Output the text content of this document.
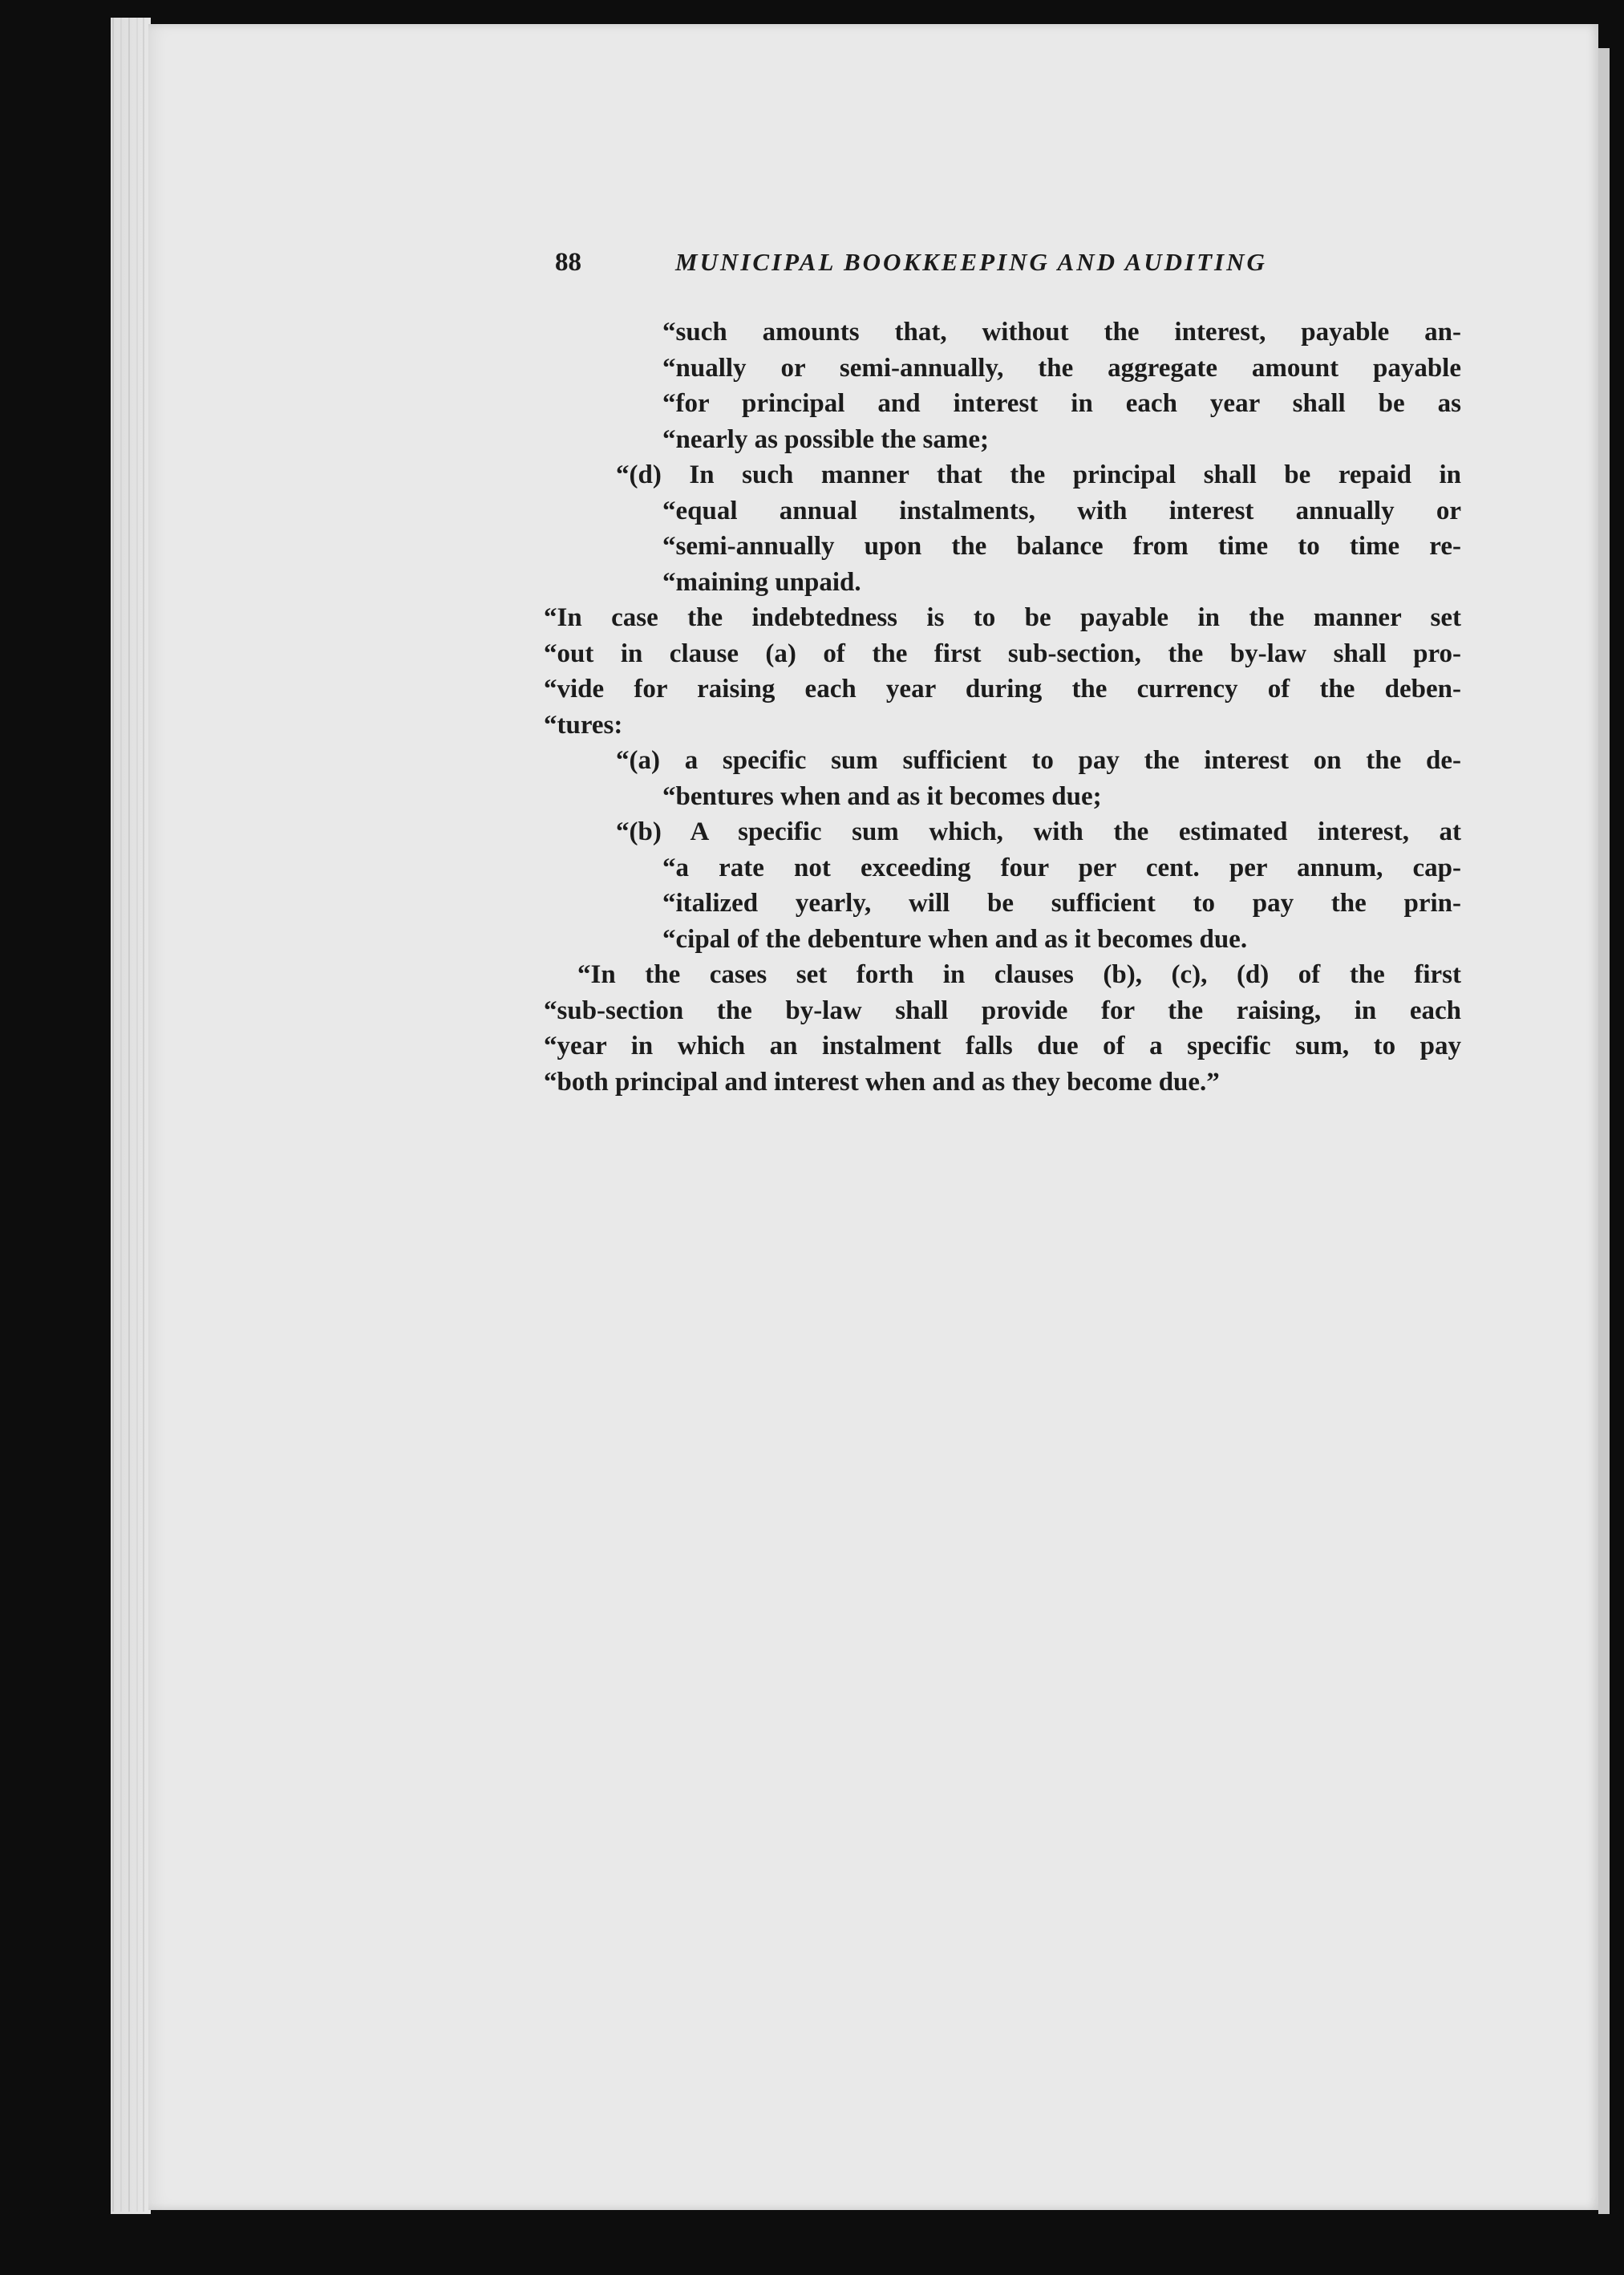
88	MUNICIPAL BOOKKEEPING AND AUDITING
“such amounts that, without the interest, payable an-
“nually or semi-annually, the aggregate amount payable
“for principal and interest in each year shall be as
“nearly as possible the same;
“(d) In such manner that the principal shall be repaid in
“equal annual instalments, with interest annually or
“semi-annually upon the balance from time to time re-
“maining unpaid.
“In case the indebtedness is to be payable in the manner set
“out in clause (a) of the first sub-section, the by-law shall pro-
“vide for raising each year during the currency of the deben-
“tures:
“(a) a specific sum sufficient to pay the interest on the de-
“bentures when and as it becomes due;
“(b) A specific sum which, with the estimated interest, at
“a rate not exceeding four per cent. per annum, cap-
“italized yearly, will be sufficient to pay the prin-
“cipal of the debenture when and as it becomes due.
“In the cases set forth in clauses (b), (c), (d) of the first
“sub-section the by-law shall provide for the raising, in each
“year in which an instalment falls due of a specific sum, to pay
“both principal and interest when and as they become due.”
